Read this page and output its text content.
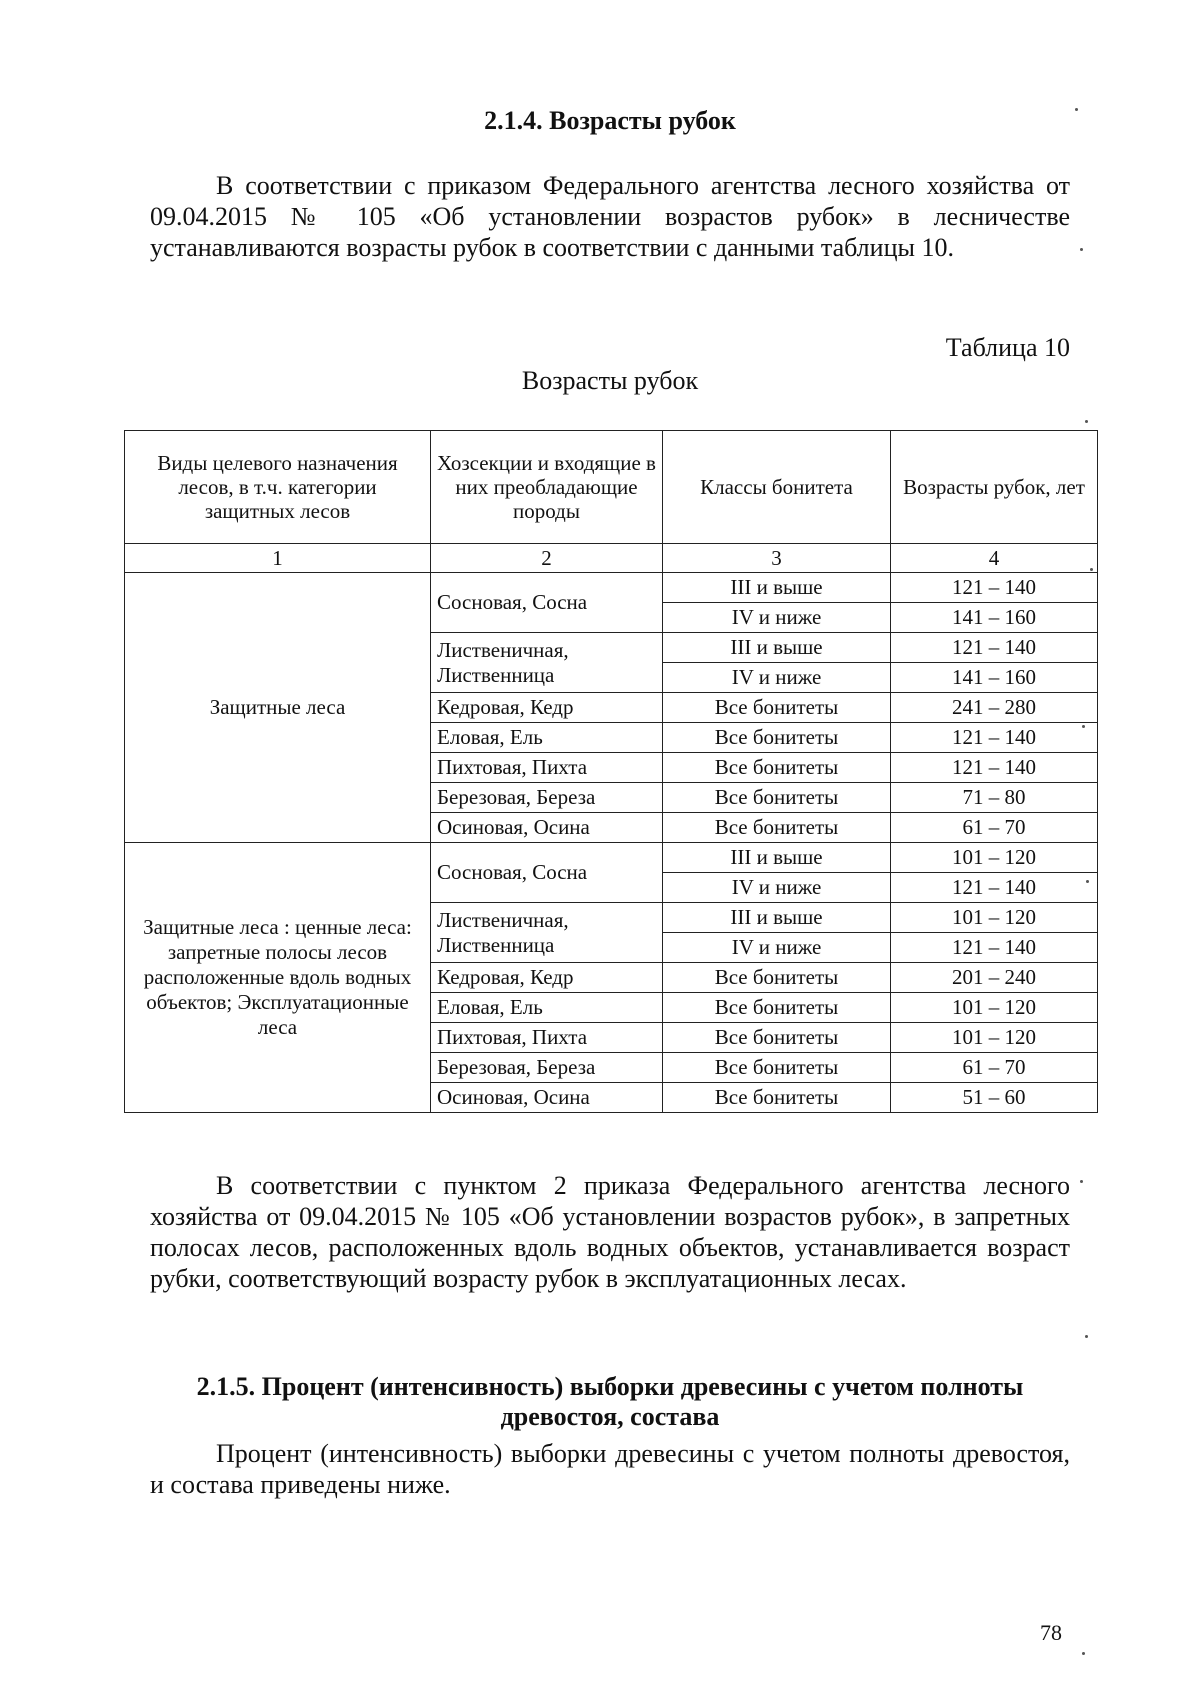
2.1.4. Возрасты рубок

В соответствии с приказом Федерального агентства лесного хозяйства от 09.04.2015 № 105 «Об установлении возрастов рубок» в лесничестве устанавливаются возрасты рубок в соответствии с данными таблицы 10.

Таблица 10
Возрасты рубок
Виды целевого назначения лесов, в т.ч. категории защитных лесов	Хозсекции и входящие в них преобладающие породы	Классы бонитета	Возрасты рубок, лет
1	2	3	4
Защитные леса	Сосновая, Сосна	III и выше	121 – 140
		IV и ниже	141 – 160
	Лиственичная, Лиственница	III и выше	121 – 140
		IV и ниже	141 – 160
	Кедровая, Кедр	Все бонитеты	241 – 280
	Еловая, Ель	Все бонитеты	121 – 140
	Пихтовая, Пихта	Все бонитеты	121 – 140
	Березовая, Береза	Все бонитеты	71 – 80
	Осиновая, Осина	Все бонитеты	61 – 70
Защитные леса : ценные леса: запретные полосы лесов расположенные вдоль водных объектов; Эксплуатационные леса	Сосновая, Сосна	III и выше	101 – 120
		IV и ниже	121 – 140
	Лиственичная, Лиственница	III и выше	101 – 120
		IV и ниже	121 – 140
	Кедровая, Кедр	Все бонитеты	201 – 240
	Еловая, Ель	Все бонитеты	101 – 120
	Пихтовая, Пихта	Все бонитеты	101 – 120
	Березовая, Береза	Все бонитеты	61 – 70
	Осиновая, Осина	Все бонитеты	51 – 60

В соответствии с пунктом 2 приказа Федерального агентства лесного хозяйства от 09.04.2015 № 105 «Об установлении возрастов рубок», в запретных полосах лесов, расположенных вдоль водных объектов, устанавливается возраст рубки, соответствующий возрасту рубок в эксплуатационных лесах.

2.1.5. Процент (интенсивность) выборки древесины с учетом полноты древостоя, состава

Процент (интенсивность) выборки древесины с учетом полноты древостоя, и состава приведены ниже.

78
